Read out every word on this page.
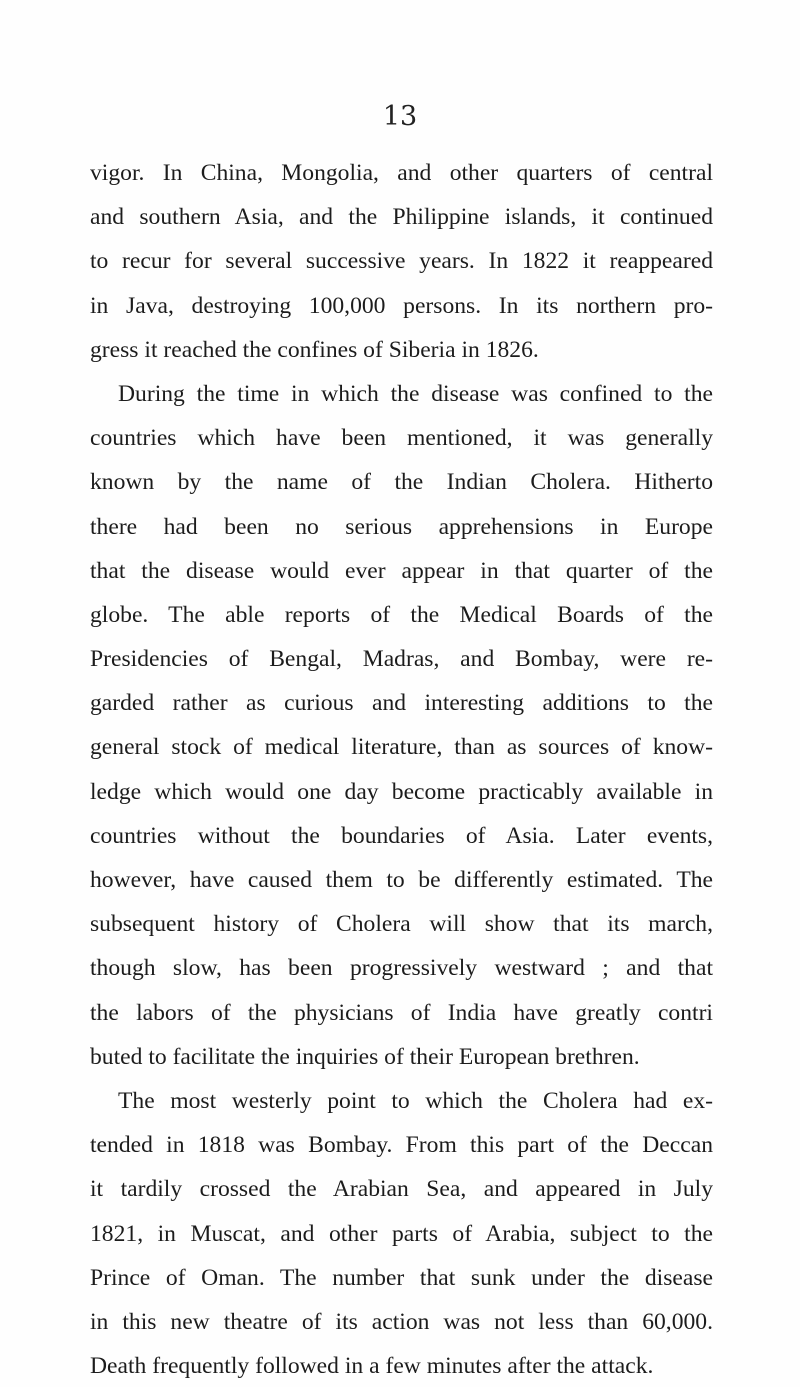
13
vigor. In China, Mongolia, and other quarters of central
and southern Asia, and the Philippine islands, it continued
to recur for several successive years. In 1822 it reappeared
in Java, destroying 100,000 persons. In its northern pro-
gress it reached the confines of Siberia in 1826.
During the time in which the disease was confined to the
countries which have been mentioned, it was generally
known by the name of the Indian Cholera. Hitherto
there had been no serious apprehensions in Europe
that the disease would ever appear in that quarter of the
globe. The able reports of the Medical Boards of the
Presidencies of Bengal, Madras, and Bombay, were re-
garded rather as curious and interesting additions to the
general stock of medical literature, than as sources of know-
ledge which would one day become practicably available in
countries without the boundaries of Asia. Later events,
however, have caused them to be differently estimated. The
subsequent history of Cholera will show that its march,
though slow, has been progressively westward ; and that
the labors of the physicians of India have greatly contri
buted to facilitate the inquiries of their European brethren.
The most westerly point to which the Cholera had ex-
tended in 1818 was Bombay. From this part of the Deccan
it tardily crossed the Arabian Sea, and appeared in July
1821, in Muscat, and other parts of Arabia, subject to the
Prince of Oman. The number that sunk under the disease
in this new theatre of its action was not less than 60,000.
Death frequently followed in a few minutes after the attack.
